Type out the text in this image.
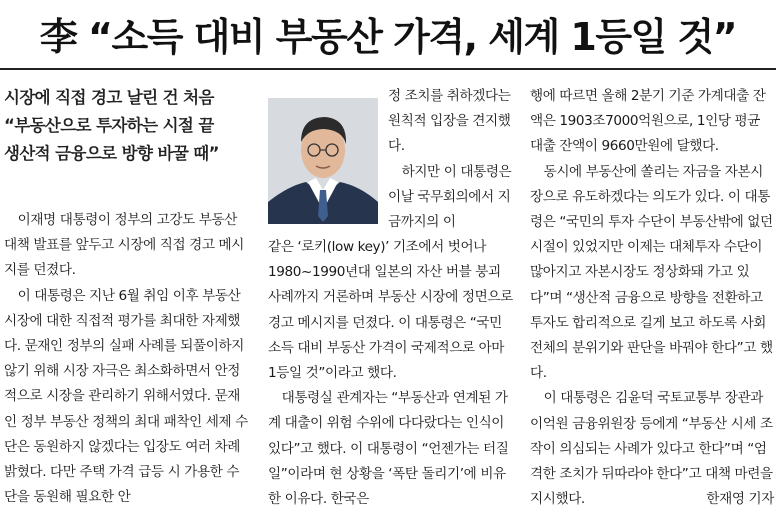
李 “소득 대비 부동산 가격, 세계 1등일 것”
시장에 직접 경고 날린 건 처음
“부동산으로 투자하는 시절 끝
생산적 금융으로 방향 바꿀 때”

이재명 대통령이 정부의 고강도 부동산 대책 발표를 앞두고 시장에 직접 경고 메시지를 던졌다.

이 대통령은 지난 6월 취임 이후 부동산 시장에 대한 직접적 평가를 최대한 자제했다. 문재인 정부의 실패 사례를 되풀이하지 않기 위해 시장 자극은 최소화하면서 안정적으로 시장을 관리하기 위해서였다. 문재인 정부 부동산 정책의 최대 패착인 세제 수단은 동원하지 않겠다는 입장도 여러 차례 밝혔다. 다만 주택 가격 급등 시 가용한 수단을 동원해 필요한 안

정 조치를 취하겠다는 원칙적 입장을 견지했다.

하지만 이 대통령은 이날 국무회의에서 지금까지의 이

같은 ‘로키(low key)’ 기조에서 벗어나 1980~1990년대 일본의 자산 버블 붕괴 사례까지 거론하며 부동산 시장에 정면으로 경고 메시지를 던졌다. 이 대통령은 “국민소득 대비 부동산 가격이 국제적으로 아마 1등일 것”이라고 했다.

대통령실 관계자는 “부동산과 연계된 가계 대출이 위험 수위에 다다랐다는 인식이 있다”고 했다. 이 대통령이 “언젠가는 터질 일”이라며 현 상황을 ‘폭탄 돌리기’에 비유한 이유다. 한국은

행에 따르면 올해 2분기 기준 가계대출 잔액은 1903조7000억원으로, 1인당 평균 대출 잔액이 9660만원에 달했다.

동시에 부동산에 쏠리는 자금을 자본시장으로 유도하겠다는 의도가 있다. 이 대통령은 “국민의 투자 수단이 부동산밖에 없던 시절이 있었지만 이제는 대체투자 수단이 많아지고 자본시장도 정상화돼 가고 있다”며 “생산적 금융으로 방향을 전환하고 투자도 합리적으로 길게 보고 하도록 사회 전체의 분위기와 판단을 바꿔야 한다”고 했다.

이 대통령은 김윤덕 국토교통부 장관과 이억원 금융위원장 등에게 “부동산 시세 조작이 의심되는 사례가 있다고 한다”며 “엄격한 조치가 뒤따라야 한다”고 대책 마련을 지시했다.	한재영 기자
